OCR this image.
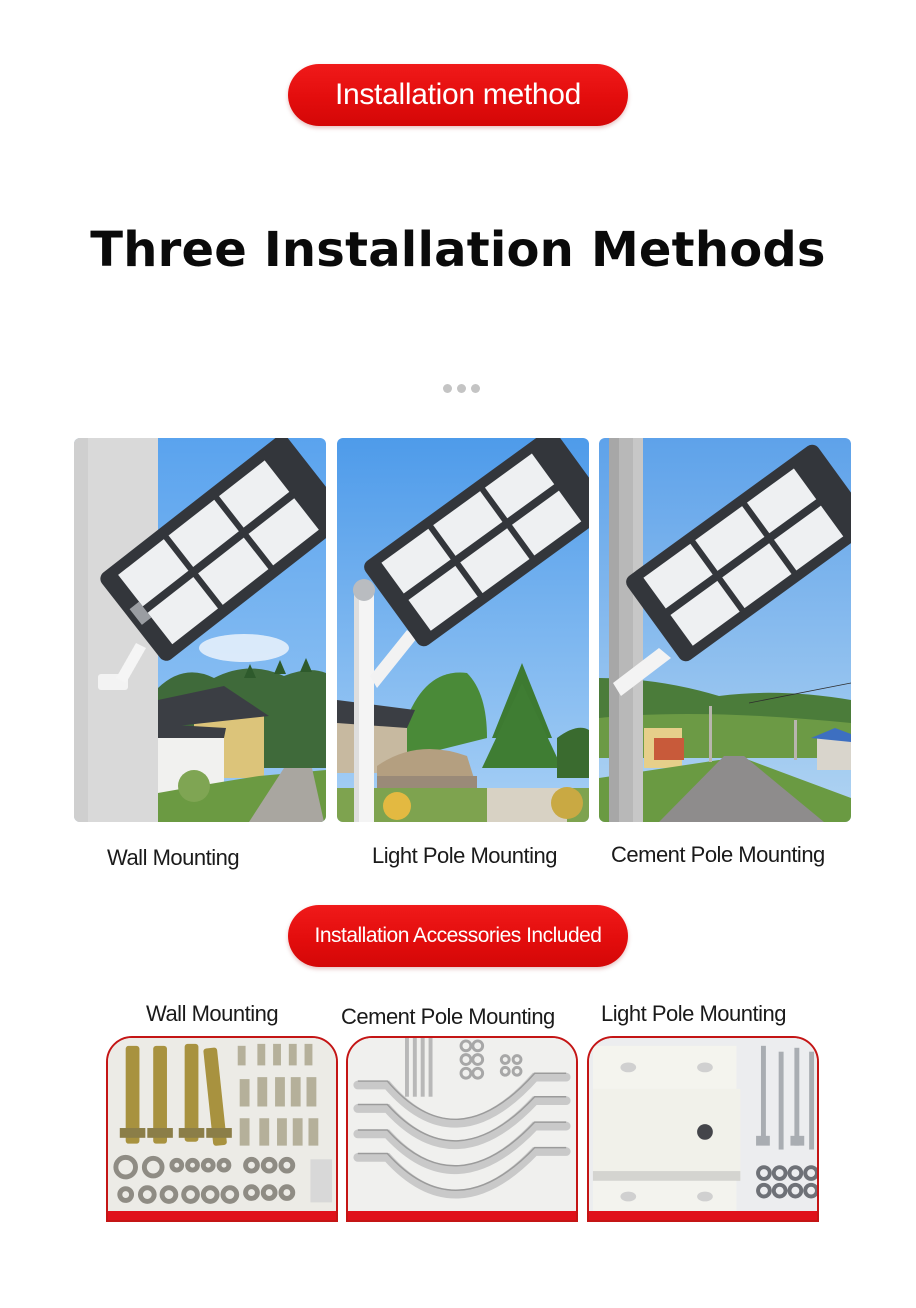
Installation method
Three Installation Methods
Wall Mounting	Light Pole Mounting Cement Pole Mounting
Installation Accessories Included
Wall Mounting	Cement Pole Mounting Light Pole Mounting
